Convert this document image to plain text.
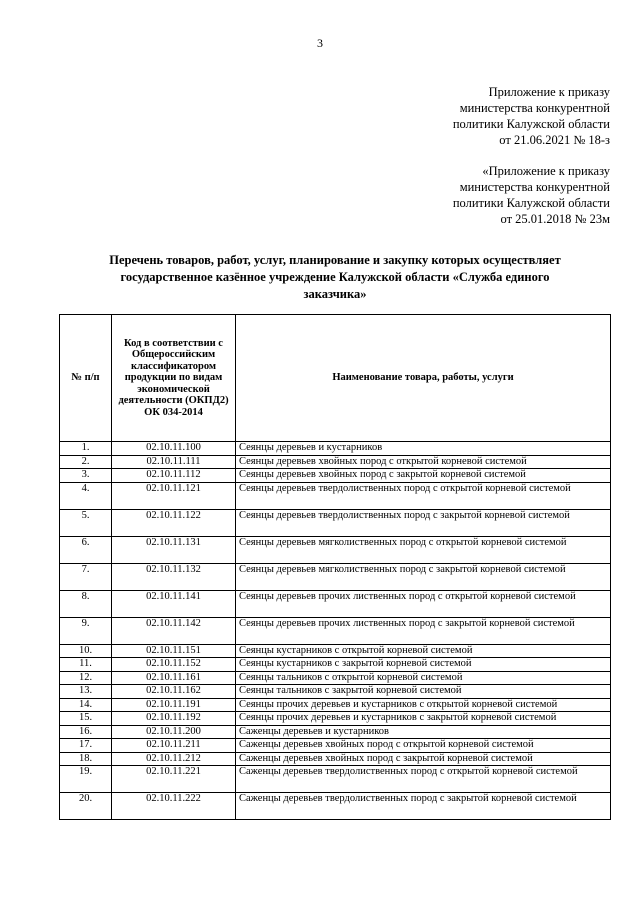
3
Приложение к приказу
министерства конкурентной
политики Калужской области
от 21.06.2021 № 18-з
«Приложение к приказу
министерства конкурентной
политики Калужской области
от 25.01.2018 № 23м
Перечень товаров, работ, услуг, планирование и закупку которых осуществляет
государственное казённое учреждение Калужской области «Служба единого
заказчика»
№ п/п	Код в соответствии с Общероссийским классификатором продукции по видам экономической деятельности (ОКПД2) ОК 034-2014	Наименование товара, работы, услуги
1.	02.10.11.100	Сеянцы деревьев и кустарников
2.	02.10.11.111	Сеянцы деревьев хвойных пород с открытой корневой системой
3.	02.10.11.112	Сеянцы деревьев хвойных пород с закрытой корневой системой
4.	02.10.11.121	Сеянцы деревьев твердолиственных пород с открытой корневой системой
5.	02.10.11.122	Сеянцы деревьев твердолиственных пород с закрытой корневой системой
6.	02.10.11.131	Сеянцы деревьев мягколиственных пород с открытой корневой системой
7.	02.10.11.132	Сеянцы деревьев мягколиственных пород с закрытой корневой системой
8.	02.10.11.141	Сеянцы деревьев прочих лиственных пород с открытой корневой системой
9.	02.10.11.142	Сеянцы деревьев прочих лиственных пород с закрытой корневой системой
10.	02.10.11.151	Сеянцы кустарников с открытой корневой системой
11.	02.10.11.152	Сеянцы кустарников с закрытой корневой системой
12.	02.10.11.161	Сеянцы тальников с открытой корневой системой
13.	02.10.11.162	Сеянцы тальников с закрытой корневой системой
14.	02.10.11.191	Сеянцы прочих деревьев и кустарников с открытой корневой системой
15.	02.10.11.192	Сеянцы прочих деревьев и кустарников с закрытой корневой системой
16.	02.10.11.200	Саженцы деревьев и кустарников
17.	02.10.11.211	Саженцы деревьев хвойных пород с открытой корневой системой
18.	02.10.11.212	Саженцы деревьев хвойных пород с закрытой корневой системой
19.	02.10.11.221	Саженцы деревьев твердолиственных пород с открытой корневой системой
20.	02.10.11.222	Саженцы деревьев твердолиственных пород с закрытой корневой системой
